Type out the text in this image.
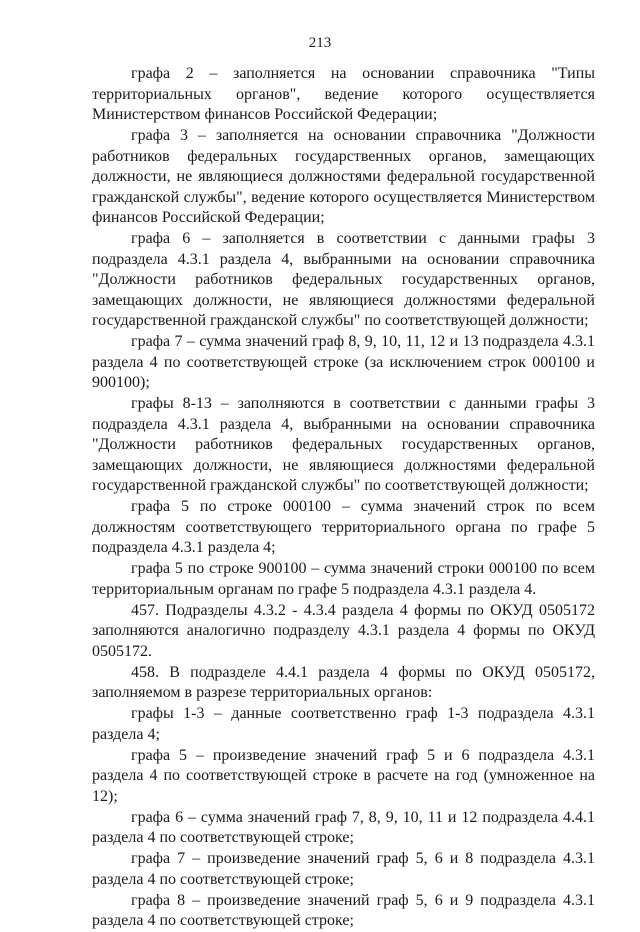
213

графа 2 – заполняется на основании справочника "Типы территориальных органов", ведение которого осуществляется Министерством финансов Российской Федерации;

графа 3 – заполняется на основании справочника "Должности работников федеральных государственных органов, замещающих должности, не являющиеся должностями федеральной государственной гражданской службы", ведение которого осуществляется Министерством финансов Российской Федерации;

графа 6 – заполняется в соответствии с данными графы 3 подраздела 4.3.1 раздела 4, выбранными на основании справочника "Должности работников федеральных государственных органов, замещающих должности, не являющиеся должностями федеральной государственной гражданской службы" по соответствующей должности;

графа 7 – сумма значений граф 8, 9, 10, 11, 12 и 13 подраздела 4.3.1 раздела 4 по соответствующей строке (за исключением строк 000100 и 900100);

графы 8-13 – заполняются в соответствии с данными графы 3 подраздела 4.3.1 раздела 4, выбранными на основании справочника "Должности работников федеральных государственных органов, замещающих должности, не являющиеся должностями федеральной государственной гражданской службы" по соответствующей должности;

графа 5 по строке 000100 – сумма значений строк по всем должностям соответствующего территориального органа по графе 5 подраздела 4.3.1 раздела 4;

графа 5 по строке 900100 – сумма значений строки 000100 по всем территориальным органам по графе 5 подраздела 4.3.1 раздела 4.

457. Подразделы 4.3.2 - 4.3.4 раздела 4 формы по ОКУД 0505172 заполняются аналогично подразделу 4.3.1 раздела 4 формы по ОКУД 0505172.

458. В подразделе 4.4.1 раздела 4 формы по ОКУД 0505172, заполняемом в разрезе территориальных органов:

графы 1-3 – данные соответственно граф 1-3 подраздела 4.3.1 раздела 4;

графа 5 – произведение значений граф 5 и 6 подраздела 4.3.1 раздела 4 по соответствующей строке в расчете на год (умноженное на 12);

графа 6 – сумма значений граф 7, 8, 9, 10, 11 и 12 подраздела 4.4.1 раздела 4 по соответствующей строке;

графа 7 – произведение значений граф 5, 6 и 8 подраздела 4.3.1 раздела 4 по соответствующей строке;

графа 8 – произведение значений граф 5, 6 и 9 подраздела 4.3.1 раздела 4 по соответствующей строке;
